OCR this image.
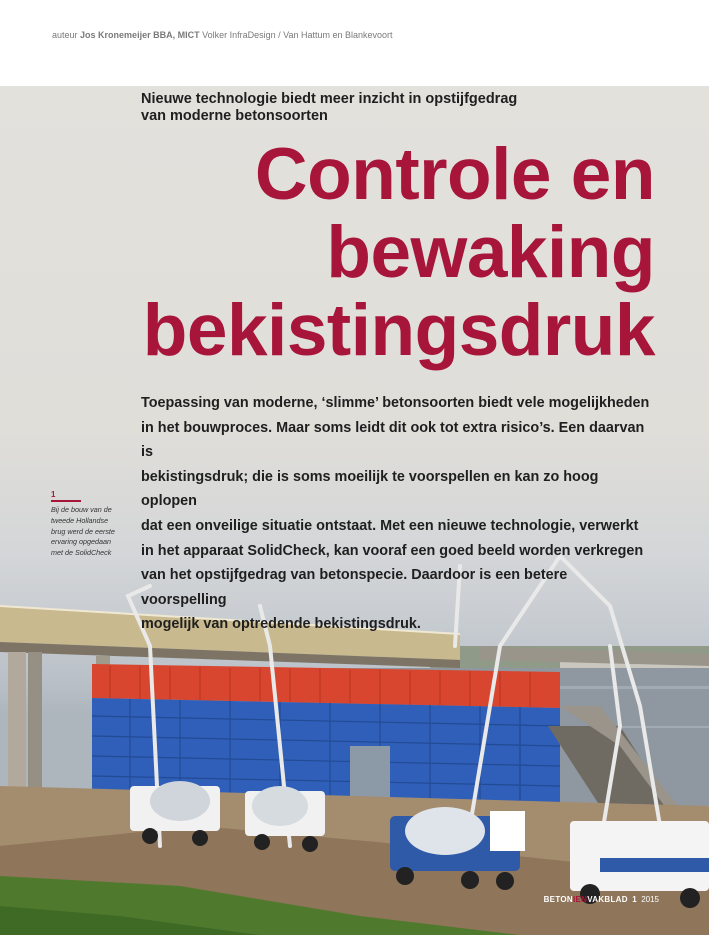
auteur Jos Kronemeijer BBA, MICT Volker InfraDesign / Van Hattum en Blankevoort
Nieuwe technologie biedt meer inzicht in opstijfgedrag
van moderne betonsoorten
Controle en
bewaking
bekistingsdruk
Toepassing van moderne, ‘slimme’ betonsoorten biedt vele mogelijkheden
in het bouwproces. Maar soms leidt dit ook tot extra risico’s. Een daarvan is
bekistingsdruk; die is soms moeilijk te voorspellen en kan zo hoog oplopen
dat een onveilige situatie ontstaat. Met een nieuwe technologie, verwerkt
in het apparaat SolidCheck, kan vooraf een goed beeld worden verkregen
van het opstijfgedrag van betonspecie. Daardoor is een betere voorspelling
mogelijk van optredende bekistingsdruk.
1
Bij de bouw van de
tweede Hollandse
brug werd de eerste
ervaring opgedaan
met de SolidCheck
BETONIENVAKBLAD 1 2015
